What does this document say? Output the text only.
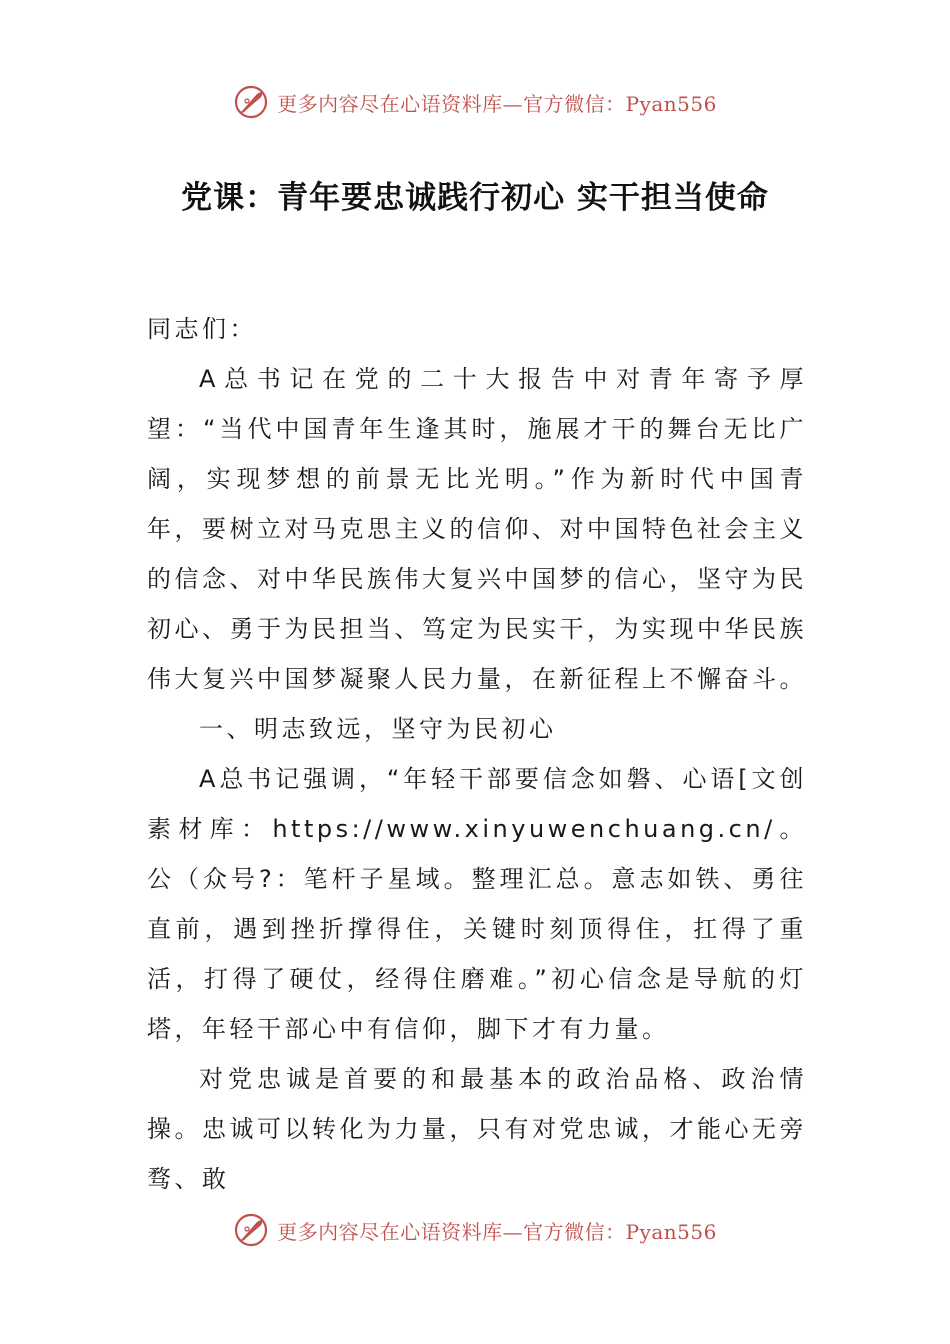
更多内容尽在心语资料库—官方微信：Pyan556
党课：青年要忠诚践行初心 实干担当使命

同志们：

A总书记在党的二十大报告中对青年寄予厚望：“当代中国青年生逢其时，施展才干的舞台无比广阔，实现梦想的前景无比光明。”作为新时代中国青年，要树立对马克思主义的信仰、对中国特色社会主义的信念、对中华民族伟大复兴中国梦的信心，坚守为民初心、勇于为民担当、笃定为民实干，为实现中华民族伟大复兴中国梦凝聚人民力量，在新征程上不懈奋斗。

一、明志致远，坚守为民初心

A总书记强调，“年轻干部要信念如磐、心语[文创素材库：https://www.xinyuwenchuang.cn/。公（众号?：笔杆子星域。整理汇总。意志如铁、勇往直前，遇到挫折撑得住，关键时刻顶得住，扛得了重活，打得了硬仗，经得住磨难。”初心信念是导航的灯塔，年轻干部心中有信仰，脚下才有力量。

对党忠诚是首要的和最基本的政治品格、政治情操。忠诚可以转化为力量，只有对党忠诚，才能心无旁骛、敢

更多内容尽在心语资料库—官方微信：Pyan556
